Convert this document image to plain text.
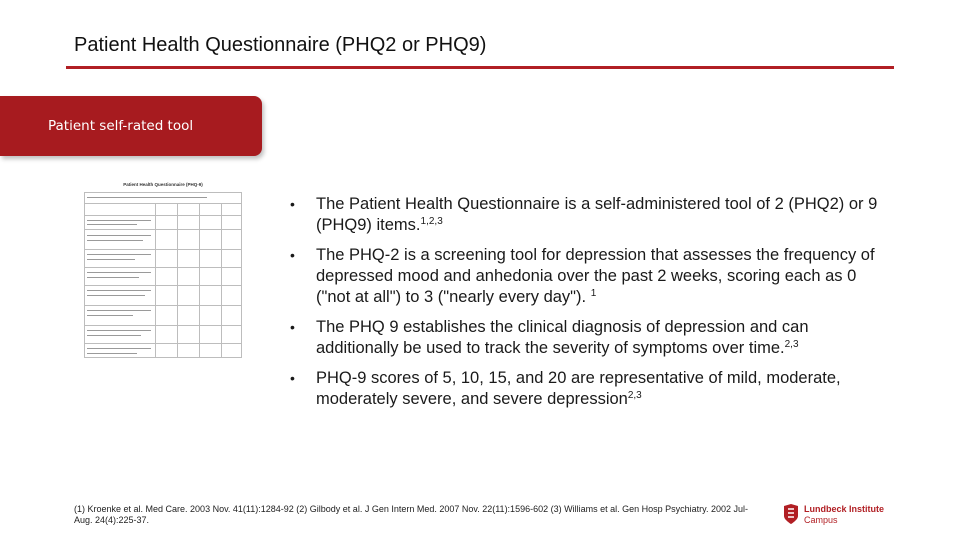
Patient Health Questionnaire (PHQ2 or PHQ9)
Patient self-rated tool
Patient Health Questionnaire (PHQ-9)
• The Patient Health Questionnaire is a self-administered tool of 2 (PHQ2) or 9 (PHQ9) items.$^{1,2,3}$
• The PHQ-2 is a screening tool for depression that assesses the frequency of depressed mood and anhedonia over the past 2 weeks, scoring each as 0 ("not at all") to 3 ("nearly every day"). $^1$
• The PHQ 9 establishes the clinical diagnosis of depression and can additionally be used to track the severity of symptoms over time.$^{2,3}$
• PHQ-9 scores of 5, 10, 15, and 20 are representative of mild, moderate, moderately severe, and severe depression$^{2,3}$
(1) Kroenke et al. Med Care. 2003 Nov. 41(11):1284-92 (2) Gilbody et al. J Gen Intern Med. 2007 Nov. 22(11):1596-602 (3) Williams et al. Gen Hosp Psychiatry. 2002 Jul-Aug. 24(4):225-37.
Lundbeck Institute
Campus
